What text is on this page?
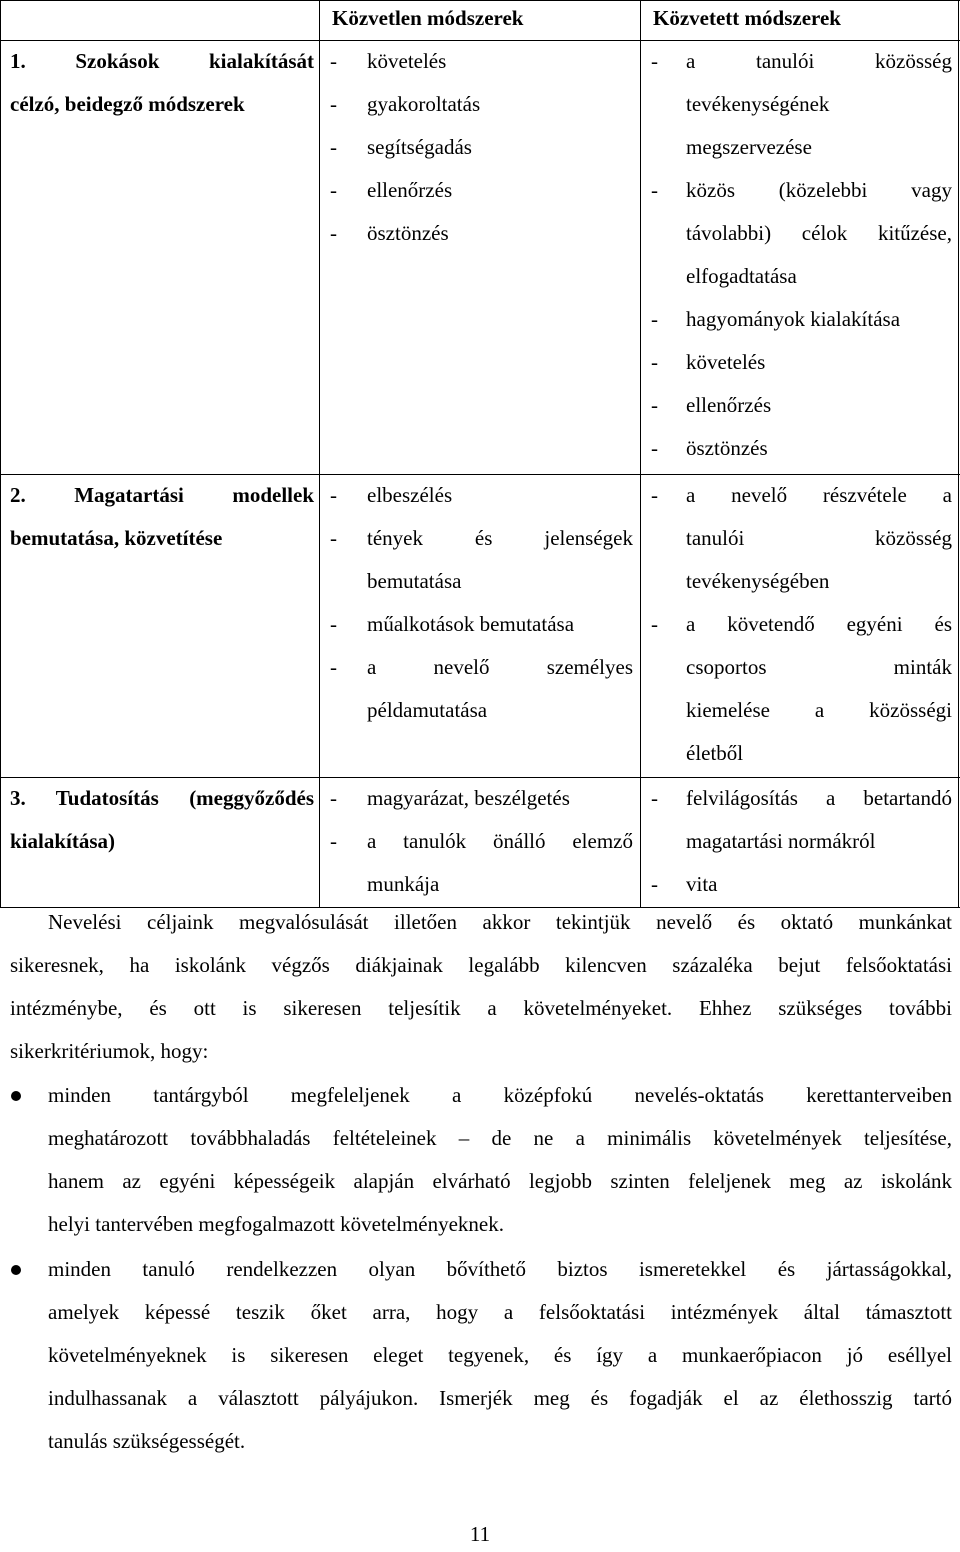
Közvetlen módszerek	Közvetett módszerek
1. Szokások kialakítását
célzó, beidegző módszerek
- követelés
- gyakoroltatás
- segítségadás
- ellenőrzés
- ösztönzés
- a tanulói közösség
tevékenységének
megszervezése
- közös (közelebbi vagy
távolabbi) célok kitűzése,
elfogadtatása
- hagyományok kialakítása
- követelés
- ellenőrzés
- ösztönzés
2. Magatartási modellek
bemutatása, közvetítése
- elbeszélés
- tények és jelenségek
bemutatása
- műalkotások bemutatása
- a nevelő személyes
példamutatása
- a nevelő részvétele a
tanulói közösség
tevékenységében
- a követendő egyéni és
csoportos minták
kiemelése a közösségi
életből
3. Tudatosítás (meggyőződés
kialakítása)
- magyarázat, beszélgetés
- a tanulók önálló elemző
munkája
- felvilágosítás a betartandó
magatartási normákról
- vita
Nevelési céljaink megvalósulását illetően akkor tekintjük nevelő és oktató munkánkat
sikeresnek, ha iskolánk végzős diákjainak legalább kilencven százaléka bejut felsőoktatási
intézménybe, és ott is sikeresen teljesítik a követelményeket. Ehhez szükséges további
sikerkritériumok, hogy:
minden tantárgyból megfeleljenek a középfokú nevelés-oktatás kerettanterveiben
meghatározott továbbhaladás feltételeinek – de ne a minimális követelmények teljesítése,
hanem az egyéni képességeik alapján elvárható legjobb szinten feleljenek meg az iskolánk
helyi tantervében megfogalmazott követelményeknek.
minden tanuló rendelkezzen olyan bővíthető biztos ismeretekkel és jártasságokkal,
amelyek képessé teszik őket arra, hogy a felsőoktatási intézmények által támasztott
követelményeknek is sikeresen eleget tegyenek, és így a munkaerőpiacon jó eséllyel
indulhassanak a választott pályájukon. Ismerjék meg és fogadják el az élethosszig tartó
tanulás szükségességét.
11
